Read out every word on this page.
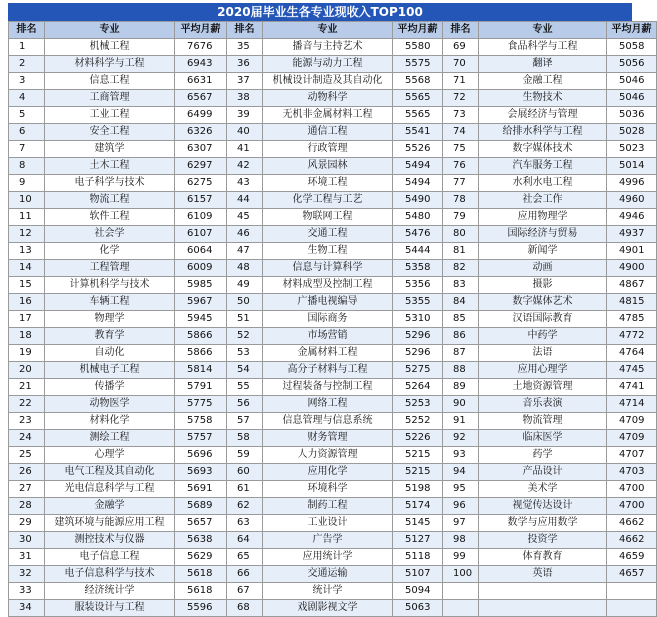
2020届毕业生各专业现收入TOP100
排名	专业	平均月薪	排名	专业	平均月薪	排名	专业	平均月薪
1	机械工程	7676	35	播音与主持艺术	5580	69	食品科学与工程	5058
2	材料科学与工程	6943	36	能源与动力工程	5575	70	翻译	5056
3	信息工程	6631	37	机械设计制造及其自动化	5568	71	金融工程	5046
4	工商管理	6567	38	动物科学	5565	72	生物技术	5046
5	工业工程	6499	39	无机非金属材料工程	5565	73	会展经济与管理	5036
6	安全工程	6326	40	通信工程	5541	74	给排水科学与工程	5028
7	建筑学	6307	41	行政管理	5526	75	数字媒体技术	5023
8	土木工程	6297	42	风景园林	5494	76	汽车服务工程	5014
9	电子科学与技术	6275	43	环境工程	5494	77	水利水电工程	4996
10	物流工程	6157	44	化学工程与工艺	5490	78	社会工作	4960
11	软件工程	6109	45	物联网工程	5480	79	应用物理学	4946
12	社会学	6107	46	交通工程	5476	80	国际经济与贸易	4937
13	化学	6064	47	生物工程	5444	81	新闻学	4901
14	工程管理	6009	48	信息与计算科学	5358	82	动画	4900
15	计算机科学与技术	5985	49	材料成型及控制工程	5356	83	摄影	4867
16	车辆工程	5967	50	广播电视编导	5355	84	数字媒体艺术	4815
17	物理学	5945	51	国际商务	5310	85	汉语国际教育	4785
18	教育学	5866	52	市场营销	5296	86	中药学	4772
19	自动化	5866	53	金属材料工程	5296	87	法语	4764
20	机械电子工程	5814	54	高分子材料与工程	5275	88	应用心理学	4745
21	传播学	5791	55	过程装备与控制工程	5264	89	土地资源管理	4741
22	动物医学	5775	56	网络工程	5253	90	音乐表演	4714
23	材料化学	5758	57	信息管理与信息系统	5252	91	物流管理	4709
24	测绘工程	5757	58	财务管理	5226	92	临床医学	4709
25	心理学	5696	59	人力资源管理	5215	93	药学	4707
26	电气工程及其自动化	5693	60	应用化学	5215	94	产品设计	4703
27	光电信息科学与工程	5691	61	环境科学	5198	95	美术学	4700
28	金融学	5689	62	制药工程	5174	96	视觉传达设计	4700
29	建筑环境与能源应用工程	5657	63	工业设计	5145	97	数学与应用数学	4662
30	测控技术与仪器	5638	64	广告学	5127	98	投资学	4662
31	电子信息工程	5629	65	应用统计学	5118	99	体育教育	4659
32	电子信息科学与技术	5618	66	交通运输	5107	100	英语	4657
33	经济统计学	5618	67	统计学	5094			
34	服装设计与工程	5596	68	戏剧影视文学	5063			
